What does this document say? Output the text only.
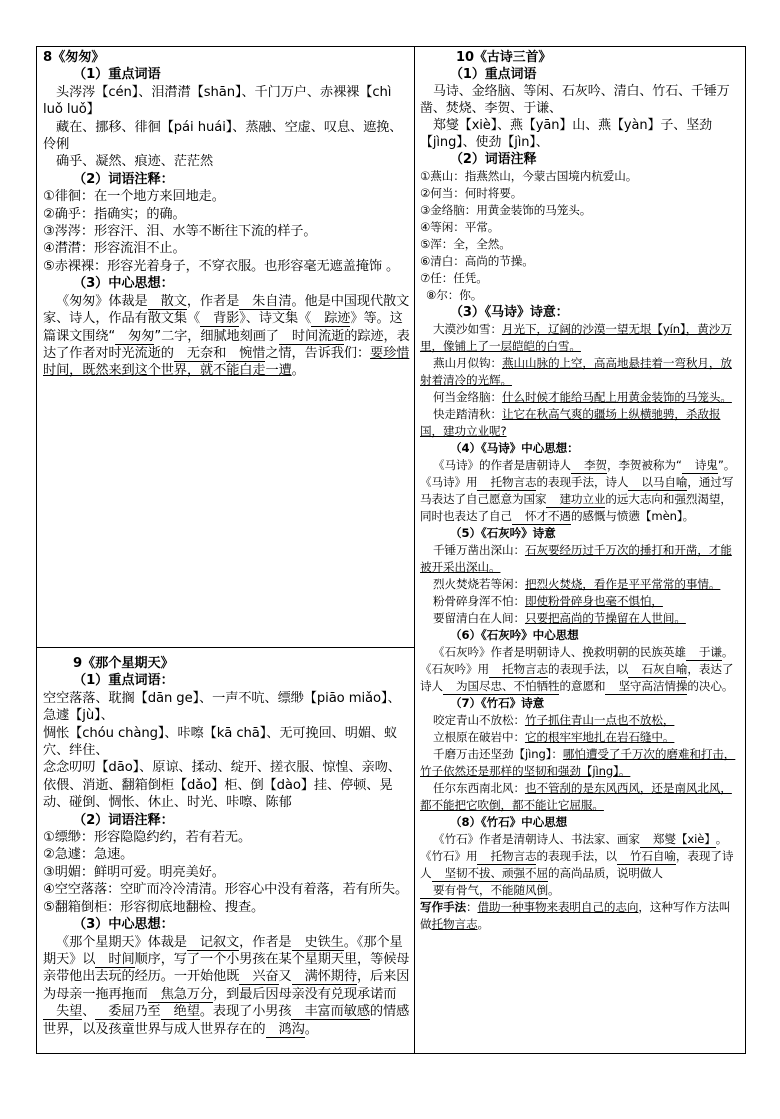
8《匆匆》

（1）重点词语

头涔涔【cén】、泪潸潸【shān】、千门万户、赤裸裸【chì luǒ luǒ】

藏在、挪移、徘徊【pái huái】、蒸融、空虚、叹息、遮挽、伶俐

确乎、凝然、痕迹、茫茫然

（2）词语注释：

①徘徊：在一个地方来回地走。

②确乎：指确实；的确。

③涔涔：形容汗、泪、水等不断往下流的样子。

④潸潸：形容流泪不止。

⑤赤裸裸：形容光着身子，不穿衣服。也形容毫无遮盖掩饰 。

（3）中心思想：

《匆匆》体裁是 散文，作者是 朱自清。他是中国现代散文家、诗人，作品有散文集《 背影》、诗文集《 踪迹》等。这篇课文围绕“ 匆匆”二字，细腻地刻画了 时间流逝的踪迹，表达了作者对时光流逝的 无奈和 惋惜之情，告诉我们：要珍惜时间，既然来到这个世界，就不能白走一遭。

9《那个星期天》

（1）重点词语：

空空落落、耽搁【dān ge】、一声不吭、缥缈【piāo miǎo】、急遽【jù】、

惆怅【chóu chàng】、咔嚓【kā chā】、无可挽回、明媚、蚁穴、绊住、

念念叨叨【dāo】、原谅、揉动、绽开、搓衣服、惊惶、亲吻、依偎、消逝、翻箱倒柜【dǎo】柜、倒【dào】挂、停顿、晃动、碰倒、惆怅、休止、时光、咔嚓、陈郁

（2）词语注释：

①缥缈：形容隐隐约约，若有若无。

②急遽：急速。

③明媚：鲜明可爱。明亮美好。

④空空落落：空旷而冷冷清清。形容心中没有着落，若有所失。

⑤翻箱倒柜：形容彻底地翻检、搜查。

（3）中心思想：

《那个星期天》体裁是 记叙文，作者是 史铁生。《那个星期天》以 时间顺序，写了一个小男孩在某个星期天里，等候母亲带他出去玩的经历。一开始他既 兴奋又 满怀期待，后来因为母亲一拖再拖而 焦急万分，到最后因母亲没有兑现承诺而失望、 委屈乃至 绝望。表现了小男孩 丰富而敏感的情感世界，以及孩童世界与成人世界存在的 鸿沟。

10《古诗三首》

（1）重点词语

马诗、金络脑、等闲、石灰吟、清白、竹石、千锤万凿、焚烧、李贺、于谦、

郑燮【xiè】、燕【yān】山、燕【yàn】子、坚劲【jìng】、使劲【jìn】、

（2）词语注释

①燕山：指燕然山，今蒙古国境内杭爱山。

②何当：何时将要。

③金络脑：用黄金装饰的马笼头。

④等闲：平常。

⑤浑：全，全然。

⑥清白：高尚的节操。

⑦任：任凭。

⑧尔：你。

（3）《马诗》诗意：

大漠沙如雪：月光下，辽阔的沙漠一望无垠【yín】，黄沙万里，像铺上了一层皑皑的白雪。

燕山月似钩：燕山山脉的上空，高高地悬挂着一弯秋月，放射着清冷的光辉。

何当金络脑：什么时候才能给马配上用黄金装饰的马笼头。

快走踏清秋：让它在秋高气爽的疆场上纵横驰骋，杀敌报国，建功立业呢?

（4）《马诗》中心思想：

《马诗》的作者是唐朝诗人 李贺，李贺被称为“ 诗鬼”。《马诗》用 托物言志的表现手法，诗人 以马自喻，通过写马表达了自己愿意为国家 建功立业的远大志向和强烈渴望，同时也表达了自己 怀才不遇的感慨与愤懑【mèn】。

（5）《石灰吟》诗意

千锤万凿出深山：石灰要经历过千万次的捶打和开凿，才能被开采出深山。

烈火焚烧若等闲：把烈火焚烧，看作是平平常常的事情。

粉骨碎身浑不怕：即使粉骨碎身也毫不惧怕，

要留清白在人间：只要把高尚的节操留在人世间。

（6）《石灰吟》中心思想

《石灰吟》作者是明朝诗人、挽救明朝的民族英雄 于谦。《石灰吟》用 托物言志的表现手法，以 石灰自喻，表达了诗人 为国尽忠、不怕牺牲的意愿和 坚守高洁情操的决心。

（7）《竹石》诗意

咬定青山不放松：竹子抓住青山一点也不放松，

立根原在破岩中：它的根牢牢地扎在岩石缝中。

千磨万击还坚劲【jìng】：哪怕遭受了千万次的磨难和打击，竹子依然还是那样的坚韧和强劲【jìng】。

任尔东西南北风：也不管刮的是东风西风，还是南风北风，都不能把它吹倒，都不能让它屈服。

（8）《竹石》中心思想

《竹石》作者是清朝诗人、书法家、画家 郑燮【xiè】。《竹石》用 托物言志的表现手法，以 竹石自喻，表现了诗人 坚韧不拔、顽强不屈的高尚品质，说明做人要有骨气，不能随风倒。

写作手法：借助一种事物来表明自己的志向，这种写作方法叫做托物言志。
